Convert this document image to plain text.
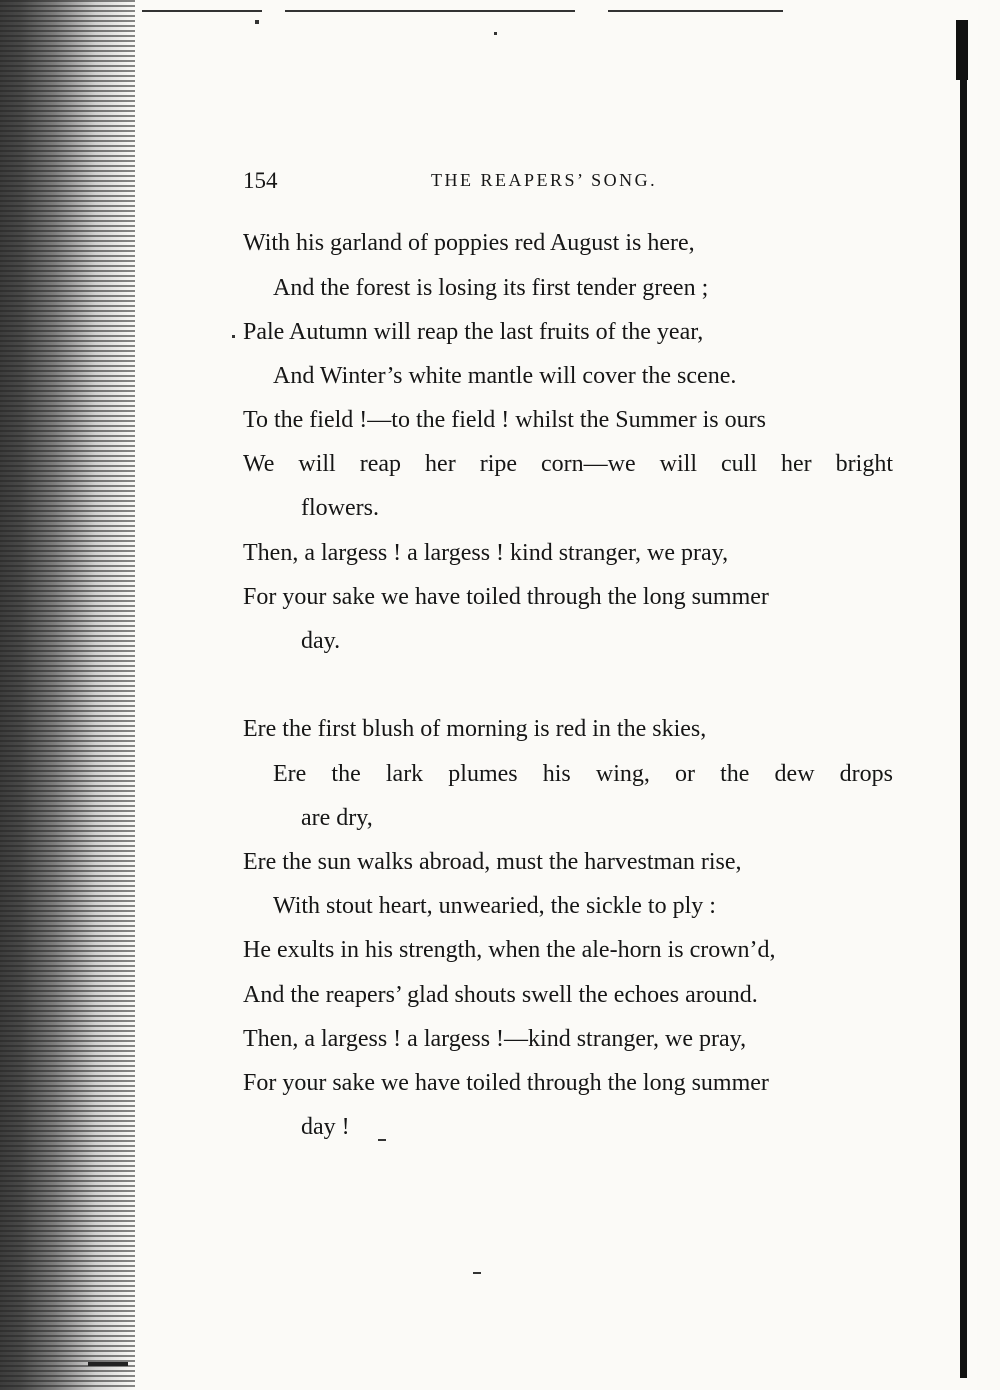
154	THE REAPERS’ SONG.
With his garland of poppies red August is here,
And the forest is losing its first tender green ;
Pale Autumn will reap the last fruits of the year,
And Winter’s white mantle will cover the scene.
To the field !—to the field ! whilst the Summer is ours
We will reap her ripe corn—we will cull her bright
flowers.
Then, a largess ! a largess ! kind stranger, we pray,
For your sake we have toiled through the long summer
day.
Ere the first blush of morning is red in the skies,
Ere the lark plumes his wing, or the dew drops
are dry,
Ere the sun walks abroad, must the harvestman rise,
With stout heart, unwearied, the sickle to ply :
He exults in his strength, when the ale-horn is crown’d,
And the reapers’ glad shouts swell the echoes around.
Then, a largess ! a largess !—kind stranger, we pray,
For your sake we have toiled through the long summer
day !
